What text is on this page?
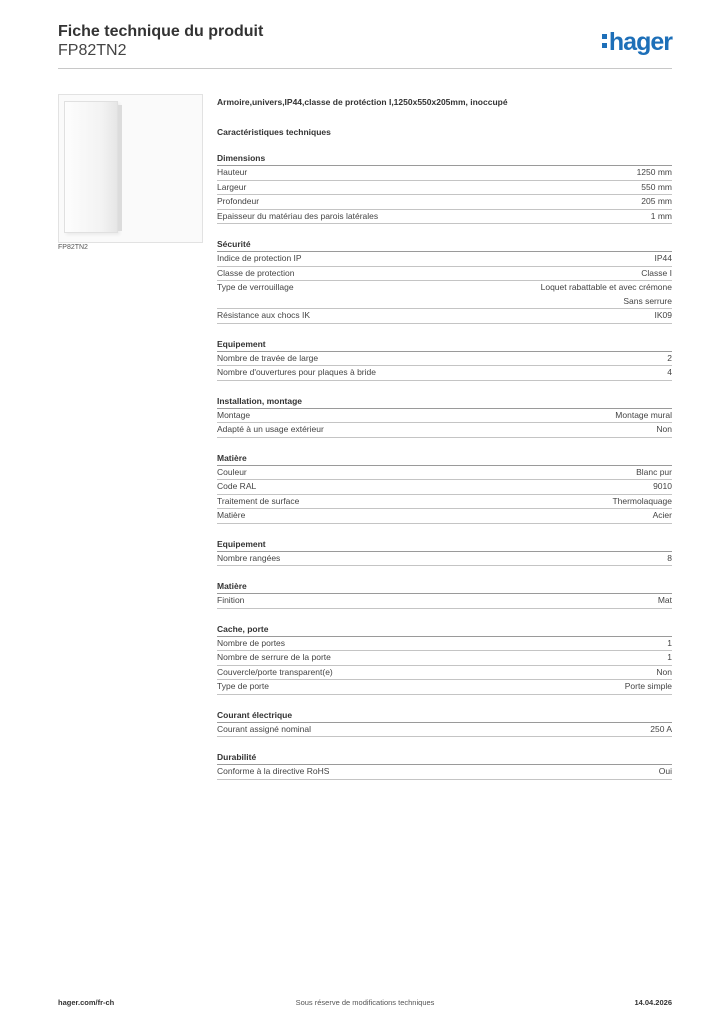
Fiche technique du produit
FP82TN2	hager
FP82TN2
Armoire,univers,IP44,classe de protéction I,1250x550x205mm, inoccupé
Caractéristiques techniques
Dimensions
Hauteur	1250 mm
Largeur	550 mm
Profondeur	205 mm
Epaisseur du matériau des parois latérales	1 mm
Sécurité
Indice de protection IP	IP44
Classe de protection	Classe I
Type de verrouillage	Loquet rabattable et avec crémone
Sans serrure
Résistance aux chocs IK	IK09
Equipement
Nombre de travée de large	2
Nombre d'ouvertures pour plaques à bride	4
Installation, montage
Montage	Montage mural
Adapté à un usage extérieur	Non
Matière
Couleur	Blanc pur
Code RAL	9010
Traitement de surface	Thermolaquage
Matière	Acier
Equipement
Nombre rangées	8
Matière
Finition	Mat
Cache, porte
Nombre de portes	1
Nombre de serrure de la porte	1
Couvercle/porte transparent(e)	Non
Type de porte	Porte simple
Courant électrique
Courant assigné nominal	250 A
Durabilité
Conforme à la directive RoHS	Oui
hager.com/fr-ch	Sous réserve de modifications techniques	14.04.2026
